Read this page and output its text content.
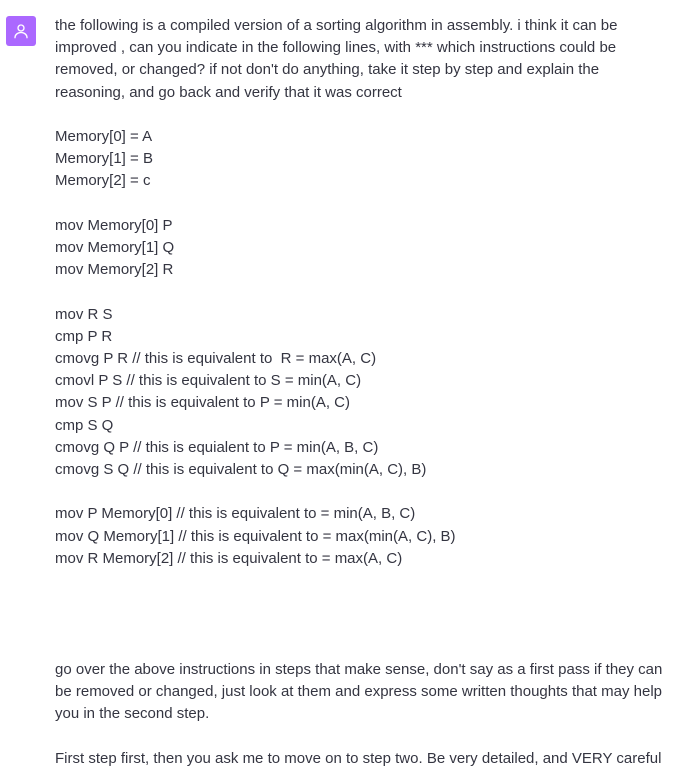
the following is a compiled version of a sorting algorithm in assembly. i think it can be
improved , can you indicate in the following lines, with *** which instructions could be
removed, or changed? if not don't do anything, take it step by step and explain the
reasoning, and go back and verify that it was correct
Memory[0] = A
Memory[1] = B
Memory[2] = c
mov Memory[0] P
mov Memory[1] Q
mov Memory[2] R
mov R S
cmp P R
cmovg P R // this is equivalent to  R = max(A, C)
cmovl P S // this is equivalent to S = min(A, C)
mov S P // this is equivalent to P = min(A, C)
cmp S Q
cmovg Q P // this is equialent to P = min(A, B, C)
cmovg S Q // this is equivalent to Q = max(min(A, C), B)
mov P Memory[0] // this is equivalent to = min(A, B, C)
mov Q Memory[1] // this is equivalent to = max(min(A, C), B)
mov R Memory[2] // this is equivalent to = max(A, C)
go over the above instructions in steps that make sense, don't say as a first pass if they can
be removed or changed, just look at them and express some written thoughts that may help
you in the second step.
First step first, then you ask me to move on to step two. Be very detailed, and VERY careful
